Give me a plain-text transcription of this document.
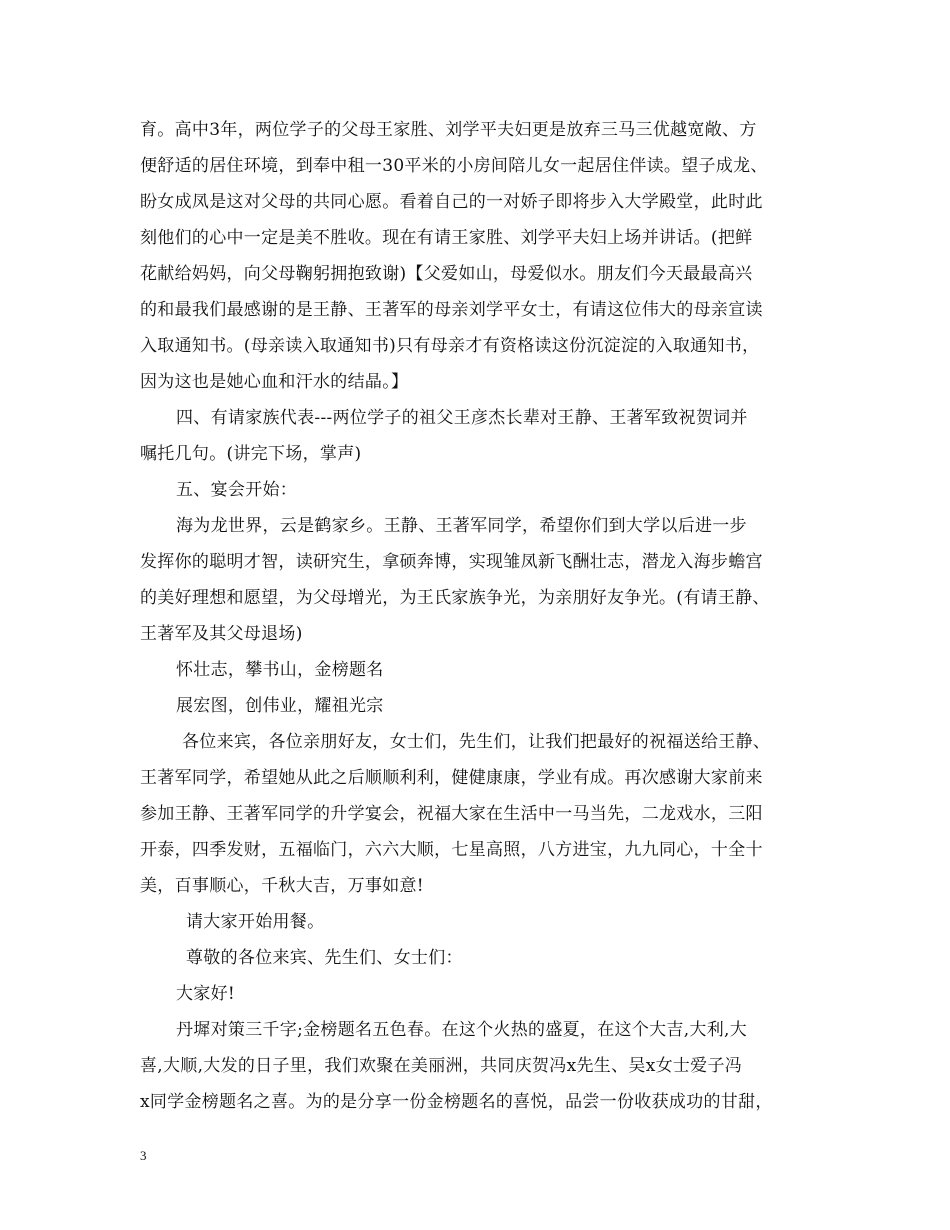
育。高中3年，两位学子的父母王家胜、刘学平夫妇更是放弃三马三优越宽敞、方
便舒适的居住环境，到奉中租一30平米的小房间陪儿女一起居住伴读。望子成龙、
盼女成凤是这对父母的共同心愿。看着自己的一对娇子即将步入大学殿堂，此时此
刻他们的心中一定是美不胜收。现在有请王家胜、刘学平夫妇上场并讲话。(把鲜
花献给妈妈，向父母鞠躬拥抱致谢)【父爱如山，母爱似水。朋友们今天最最高兴
的和最我们最感谢的是王静、王著军的母亲刘学平女士，有请这位伟大的母亲宣读
入取通知书。(母亲读入取通知书)只有母亲才有资格读这份沉淀淀的入取通知书，
因为这也是她心血和汗水的结晶。】
四、有请家族代表---两位学子的祖父王彦杰长辈对王静、王著军致祝贺词并
嘱托几句。(讲完下场，掌声)
五、宴会开始：
海为龙世界，云是鹤家乡。王静、王著军同学，希望你们到大学以后进一步
发挥你的聪明才智，读研究生，拿硕奔博，实现雏凤新飞酬壮志，潜龙入海步蟾宫
的美好理想和愿望，为父母增光，为王氏家族争光，为亲朋好友争光。(有请王静、
王著军及其父母退场)
怀壮志，攀书山，金榜题名
展宏图，创伟业，耀祖光宗
各位来宾，各位亲朋好友，女士们，先生们，让我们把最好的祝福送给王静、
王著军同学，希望她从此之后顺顺利利，健健康康，学业有成。再次感谢大家前来
参加王静、王著军同学的升学宴会，祝福大家在生活中一马当先，二龙戏水，三阳
开泰，四季发财，五福临门，六六大顺，七星高照，八方进宝，九九同心，十全十
美，百事顺心，千秋大吉，万事如意!
请大家开始用餐。
尊敬的各位来宾、先生们、女士们：
大家好!
丹墀对策三千字;金榜题名五色春。在这个火热的盛夏，在这个大吉,大利,大
喜,大顺,大发的日子里，我们欢聚在美丽洲，共同庆贺冯x先生、吴x女士爱子冯
x同学金榜题名之喜。为的是分享一份金榜题名的喜悦，品尝一份收获成功的甘甜，
3
